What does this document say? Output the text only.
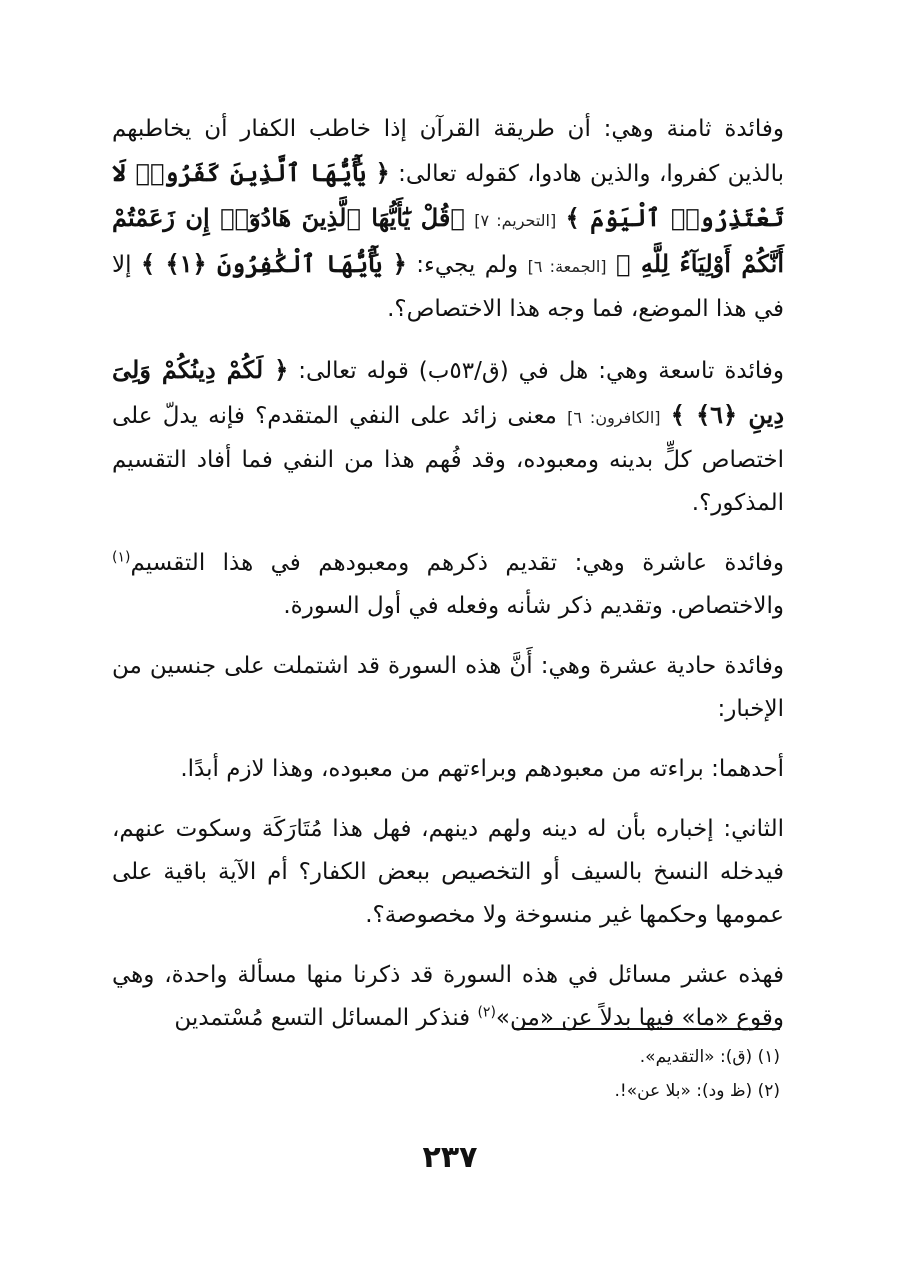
وفائدة ثامنة وهي: أن طريقة القرآن إذا خاطب الكفار أن يخاطبهم بالذين كفروا، والذين هادوا، كقوله تعالى: ﴿ يَٰٓأَيُّهَا ٱلَّذِينَ كَفَرُوا۟ لَا تَعْتَذِرُوا۟ ٱلْيَوْمَ ﴾ [التحريم: ٧] ﴿قُلْ يَٰٓأَيُّهَا ٱلَّذِينَ هَادُوٓا۟ إِن زَعَمْتُمْ أَنَّكُمْ أَوْلِيَآءُ لِلَّهِ ﴾ [الجمعة: ٦] ولم يجيء: ﴿ يَٰٓأَيُّهَا ٱلْكَٰفِرُونَ ﴿١﴾ ﴾ إلا في هذا الموضع، فما وجه هذا الاختصاص؟.

وفائدة تاسعة وهي: هل في (ق/٥٣ب) قوله تعالى: ﴿ لَكُمْ دِينُكُمْ وَلِىَ دِينِ ﴿٦﴾ ﴾ [الكافرون: ٦] معنى زائد على النفي المتقدم؟ فإنه يدلّ على اختصاص كلٍّ بدينه ومعبوده، وقد فُهم هذا من النفي فما أفاد التقسيم المذكور؟.

وفائدة عاشرة وهي: تقديم ذكرهم ومعبودهم في هذا التقسيم$^{(١)}$ والاختصاص. وتقديم ذكر شأنه وفعله في أول السورة.

وفائدة حادية عشرة وهي: أَنَّ هذه السورة قد اشتملت على جنسين من الإخبار:

أحدهما: براءته من معبودهم وبراءتهم من معبوده، وهذا لازم أبدًا.

الثاني: إخباره بأن له دينه ولهم دينهم، فهل هذا مُتَارَكَة وسكوت عنهم، فيدخله النسخ بالسيف أو التخصيص ببعض الكفار؟ أم الآية باقية على عمومها وحكمها غير منسوخة ولا مخصوصة؟.

فهذه عشر مسائل في هذه السورة قد ذكرنا منها مسألة واحدة، وهي وقوع «ما» فيها بدلاً عن «من»$^{(٢)}$ فنذكر المسائل التسع مُسْتمدين

(١) (ق): «التقديم».
(٢) (ظ ود): «بلا عن»!.
٢٣٧
